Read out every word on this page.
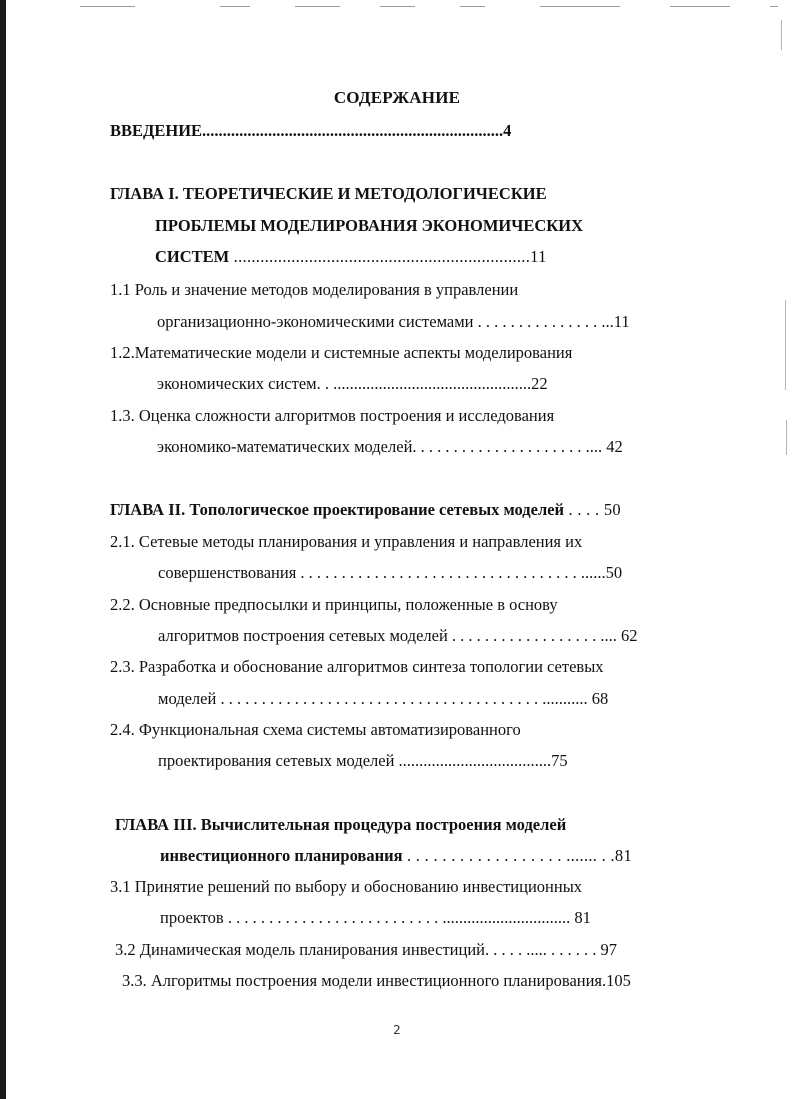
СОДЕРЖАНИЕ
ВВЕДЕНИЕ.........................................................................4
ГЛАВА I. ТЕОРЕТИЧЕСКИЕ И МЕТОДОЛОГИЧЕСКИЕ
ПРОБЛЕМЫ МОДЕЛИРОВАНИЯ ЭКОНОМИЧЕСКИХ
СИСТЕМ ...................................................................11
1.1 Роль и значение методов моделирования в управлении
организационно-экономическими системами . . . . . . . . . . . . . . . ...11
1.2.Математические модели и системные аспекты моделирования
экономических систем. . ................................................22
1.3. Оценка сложности алгоритмов построения и исследования
экономико-математических моделей. . . . . . . . . . . . . . . . . . . . . .... 42
ГЛАВА II. Топологическое проектирование сетевых моделей . . . . 50
2.1. Сетевые методы планирования и управления и направления их
совершенствования . . . . . . . . . . . . . . . . . . . . . . . . . . . . . . . . . . ......50
2.2. Основные предпосылки и принципы, положенные в основу
алгоритмов построения сетевых моделей . . . . . . . . . . . . . . . . . . .... 62
2.3. Разработка и обоснование алгоритмов синтеза топологии сетевых
моделей . . . . . . . . . . . . . . . . . . . . . . . . . . . . . . . . . . . . . . . ........... 68
2.4. Функциональная схема системы автоматизированного
проектирования сетевых моделей .....................................75
ГЛАВА III. Вычислительная процедура построения моделей
инвестиционного планирования . . . . . . . . . . . . . . . . . . ....... . .81
3.1 Принятие решений по выбору и обоснованию инвестиционных
проектов . . . . . . . . . . . . . . . . . . . . . . . . . . ............................... 81
3.2 Динамическая модель планирования инвестиций. . . . . ..... . . . . . . 97
3.3. Алгоритмы построения модели инвестиционного планирования.105
2
